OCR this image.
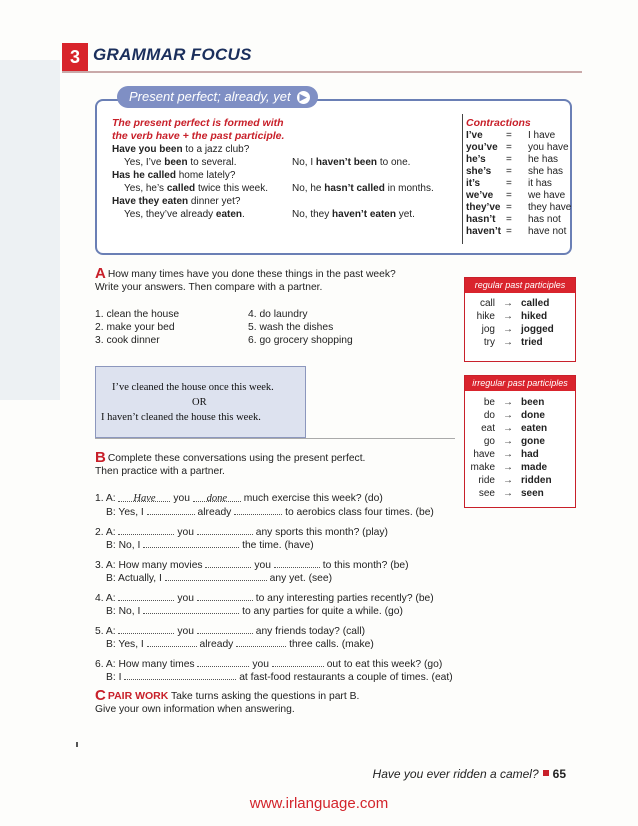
3 GRAMMAR FOCUS
Present perfect; already, yet ▶
The present perfect is formed with
the verb have + the past participle.
Have you been to a jazz club?
Yes, I’ve been to several.	No, I haven’t been to one.
Has he called home lately?
Yes, he’s called twice this week. No, he hasn’t called in months.
Have they eaten dinner yet?
Yes, they’ve already eaten.	No, they haven’t eaten yet.
Contractions
I’ve = I have
you’ve = you have
he’s = he has
she’s = she has
it’s	= it has
we’ve = we have
they’ve = they have
hasn’t = has not
haven’t = have not
A How many times have you done these things in the past week?
Write your answers. Then compare with a partner.
1. clean the house
2. make your bed
3. cook dinner
4. do laundry
5. wash the dishes
6. go grocery shopping
I’ve cleaned the house once this week.
OR
I haven’t cleaned the house this week.
regular past participles
call → called
hike → hiked
jog → jogged
try → tried
irregular past participles
be → been
do → done
eat → eaten
go → gone
have → had
make → made
ride → ridden
see → seen
B Complete these conversations using the present perfect.
Then practice with a partner.
1. A: Have you done much exercise this week? (do)
B: Yes, I	already	to aerobics class four times. (be)
2. A:	you	any sports this month? (play)
B: No, I	the time. (have)
3. A: How many movies	you	to this month? (be)
B: Actually, I	any yet. (see)
4. A:	you	to any interesting parties recently? (be)
B: No, I	to any parties for quite a while. (go)
5. A:	you	any friends today? (call)
B: Yes, I	already	three calls. (make)
6. A: How many times	you	out to eat this week? (go)
B: I	at fast-food restaurants a couple of times. (eat)
C PAIR WORK Take turns asking the questions in part B.
Give your own information when answering.
Have you ever ridden a camel? 65
www.irlanguage.com
